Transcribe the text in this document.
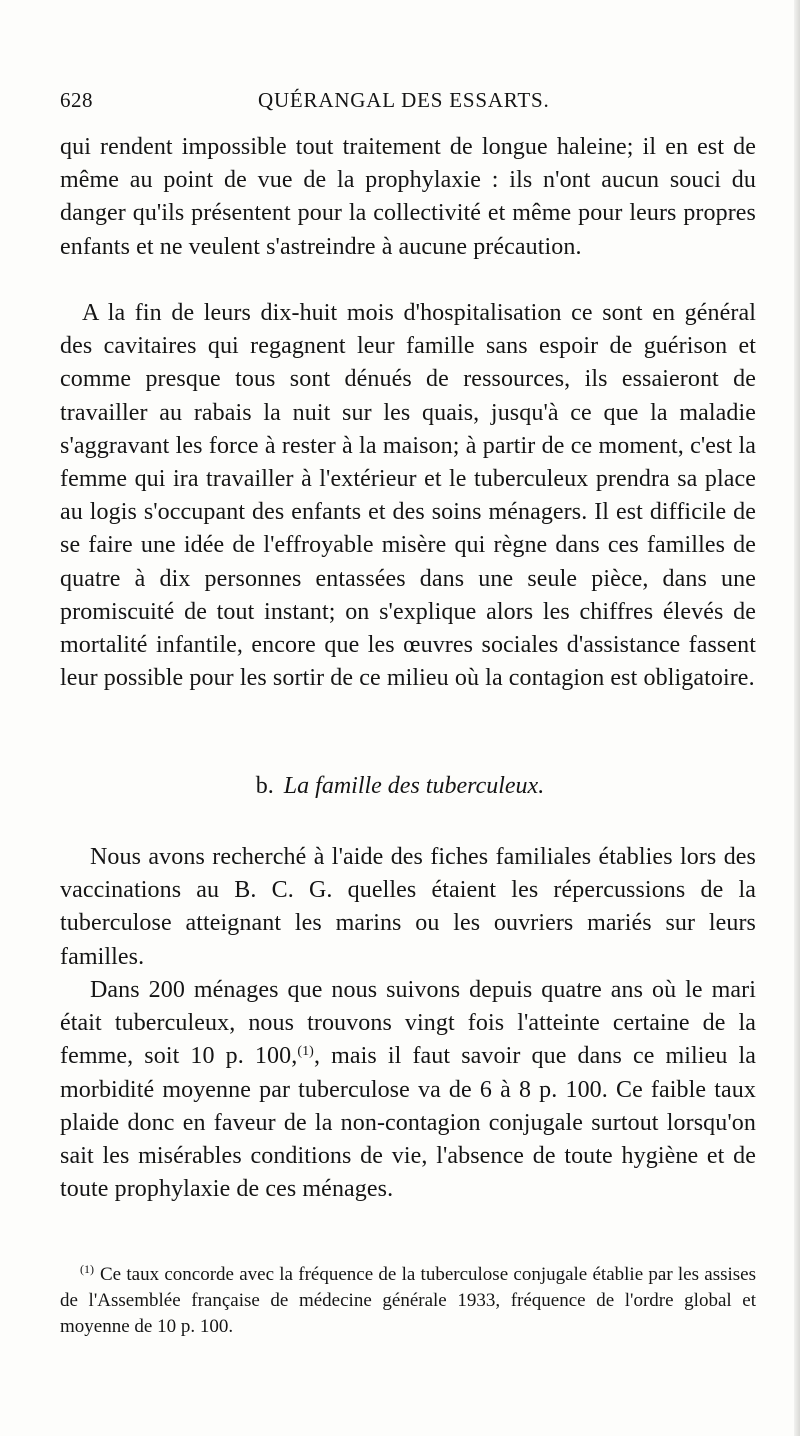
628	QUÉRANGAL DES ESSARTS.

qui rendent impossible tout traitement de longue haleine; il en est de même au point de vue de la prophylaxie : ils n'ont aucun souci du danger qu'ils présentent pour la collectivité et même pour leurs propres enfants et ne veulent s'astreindre à aucune précaution.

A la fin de leurs dix-huit mois d'hospitalisation ce sont en général des cavitaires qui regagnent leur famille sans espoir de guérison et comme presque tous sont dénués de ressources, ils essaieront de travailler au rabais la nuit sur les quais, jusqu'à ce que la maladie s'aggravant les force à rester à la maison; à partir de ce moment, c'est la femme qui ira travailler à l'extérieur et le tuberculeux prendra sa place au logis s'occupant des enfants et des soins ménagers. Il est difficile de se faire une idée de l'effroyable misère qui règne dans ces familles de quatre à dix personnes entassées dans une seule pièce, dans une promiscuité de tout instant; on s'explique alors les chiffres élevés de mortalité infantile, encore que les œuvres sociales d'assistance fassent leur possible pour les sortir de ce milieu où la contagion est obligatoire.

b. La famille des tuberculeux.

Nous avons recherché à l'aide des fiches familiales établies lors des vaccinations au B. C. G. quelles étaient les répercussions de la tuberculose atteignant les marins ou les ouvriers mariés sur leurs familles.

Dans 200 ménages que nous suivons depuis quatre ans où le mari était tuberculeux, nous trouvons vingt fois l'atteinte certaine de la femme, soit 10 p. 100,$^{(1)}$, mais il faut savoir que dans ce milieu la morbidité moyenne par tuberculose va de 6 à 8 p. 100. Ce faible taux plaide donc en faveur de la non-contagion conjugale surtout lorsqu'on sait les misérables conditions de vie, l'absence de toute hygiène et de toute prophylaxie de ces ménages.

$^{(1)}$ Ce taux concorde avec la fréquence de la tuberculose conjugale établie par les assises de l'Assemblée française de médecine générale 1933, fréquence de l'ordre global et moyenne de 10 p. 100.
